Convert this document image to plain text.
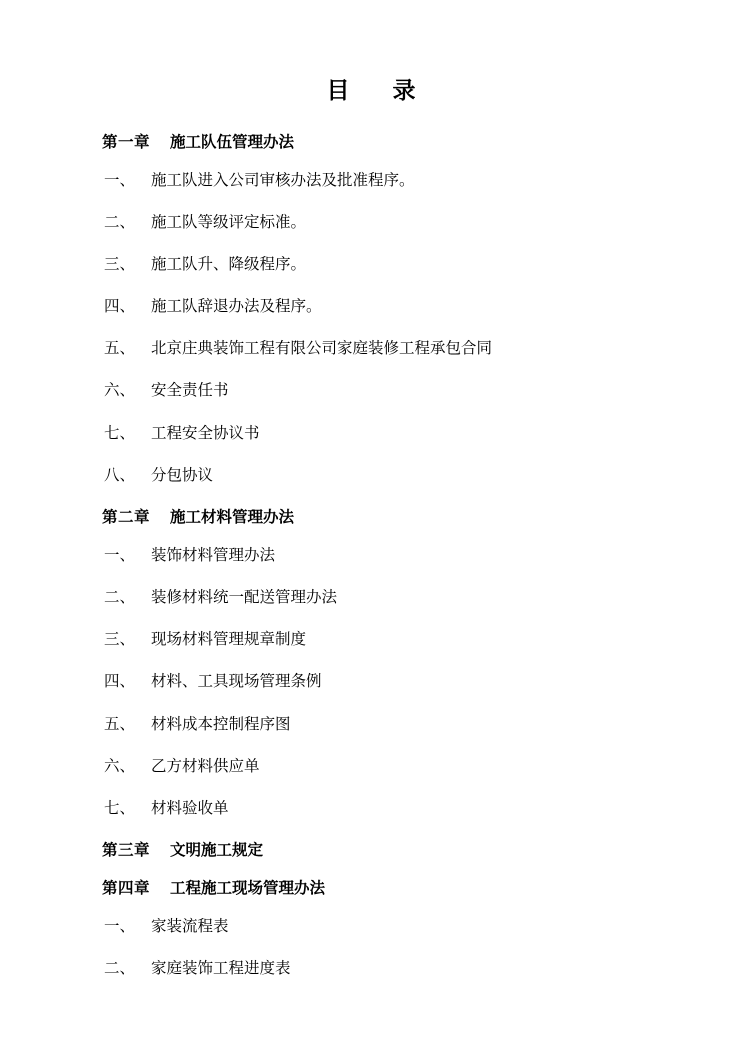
目　录
第一章 施工队伍管理办法
一、 施工队进入公司审核办法及批准程序。
二、 施工队等级评定标准。
三、 施工队升、降级程序。
四、 施工队辞退办法及程序。
五、 北京庄典装饰工程有限公司家庭装修工程承包合同
六、 安全责任书
七、 工程安全协议书
八、 分包协议
第二章 施工材料管理办法
一、 装饰材料管理办法
二、 装修材料统一配送管理办法
三、 现场材料管理规章制度
四、 材料、工具现场管理条例
五、 材料成本控制程序图
六、 乙方材料供应单
七、 材料验收单
第三章 文明施工规定
第四章 工程施工现场管理办法
一、 家装流程表
二、 家庭装饰工程进度表
